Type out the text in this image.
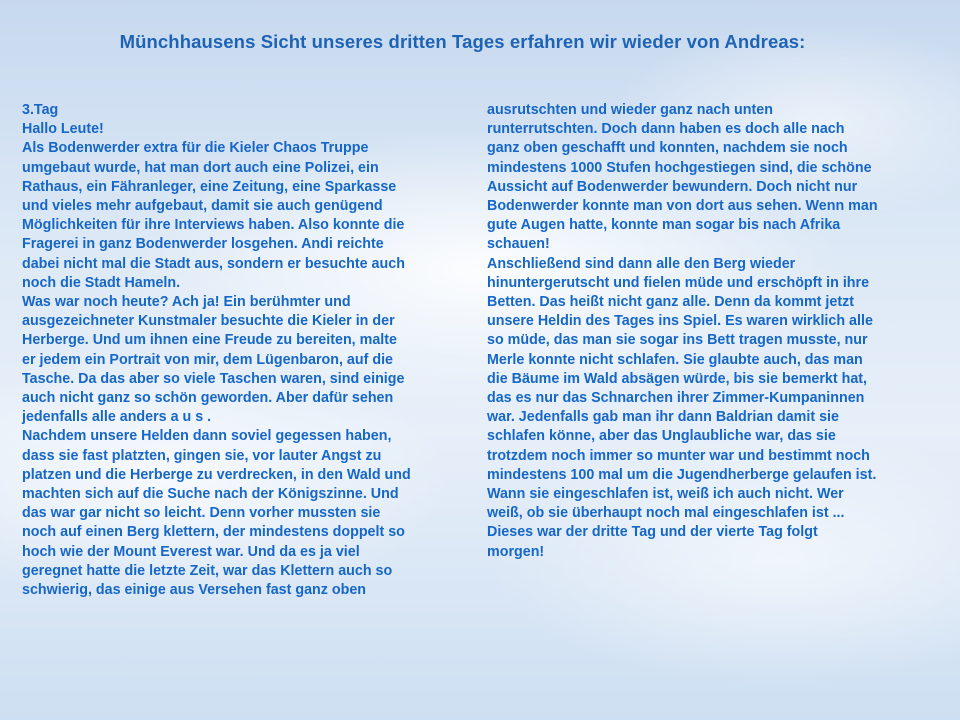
Münchhausens Sicht unseres dritten Tages erfahren wir wieder von Andreas:
3.Tag
Hallo Leute!
Als Bodenwerder extra für die Kieler Chaos Truppe
umgebaut wurde, hat man dort auch eine Polizei, ein
Rathaus, ein Fähranleger, eine Zeitung, eine Sparkasse
und vieles mehr aufgebaut, damit sie auch genügend
Möglichkeiten für ihre Interviews haben. Also konnte die
Fragerei in ganz Bodenwerder losgehen. Andi reichte
dabei nicht mal die Stadt aus, sondern er besuchte auch
noch die Stadt Hameln.
Was war noch heute? Ach ja! Ein berühmter und
ausgezeichneter Kunstmaler besuchte die Kieler in der
Herberge. Und um ihnen eine Freude zu bereiten, malte
er jedem ein Portrait von mir, dem Lügenbaron, auf die
Tasche. Da das aber so viele Taschen waren, sind einige
auch nicht ganz so schön geworden. Aber dafür sehen
jedenfalls alle anders a u s .
Nachdem unsere Helden dann soviel gegessen haben,
dass sie fast platzten, gingen sie, vor lauter Angst zu
platzen und die Herberge zu verdrecken, in den Wald und
machten sich auf die Suche nach der Königszinne. Und
das war gar nicht so leicht. Denn vorher mussten sie
noch auf einen Berg klettern, der mindestens doppelt so
hoch wie der Mount Everest war. Und da es ja viel
geregnet hatte die letzte Zeit, war das Klettern auch so
schwierig, das einige aus Versehen fast ganz oben
ausrutschten und wieder ganz nach unten
runterrutschten. Doch dann haben es doch alle nach
ganz oben geschafft und konnten, nachdem sie noch
mindestens 1000 Stufen hochgestiegen sind, die schöne
Aussicht auf Bodenwerder bewundern. Doch nicht nur
Bodenwerder konnte man von dort aus sehen. Wenn man
gute Augen hatte, konnte man sogar bis nach Afrika
schauen!
Anschließend sind dann alle den Berg wieder
hinuntergerutscht und fielen müde und erschöpft in ihre
Betten. Das heißt nicht ganz alle. Denn da kommt jetzt
unsere Heldin des Tages ins Spiel. Es waren wirklich alle
so müde, das man sie sogar ins Bett tragen musste, nur
Merle konnte nicht schlafen. Sie glaubte auch, das man
die Bäume im Wald absägen würde, bis sie bemerkt hat,
das es nur das Schnarchen ihrer Zimmer-Kumpaninnen
war. Jedenfalls gab man ihr dann Baldrian damit sie
schlafen könne, aber das Unglaubliche war, das sie
trotzdem noch immer so munter war und bestimmt noch
mindestens 100 mal um die Jugendherberge gelaufen ist.
Wann sie eingeschlafen ist, weiß ich auch nicht. Wer
weiß, ob sie überhaupt noch mal eingeschlafen ist ...
Dieses war der dritte Tag und der vierte Tag folgt
morgen!
